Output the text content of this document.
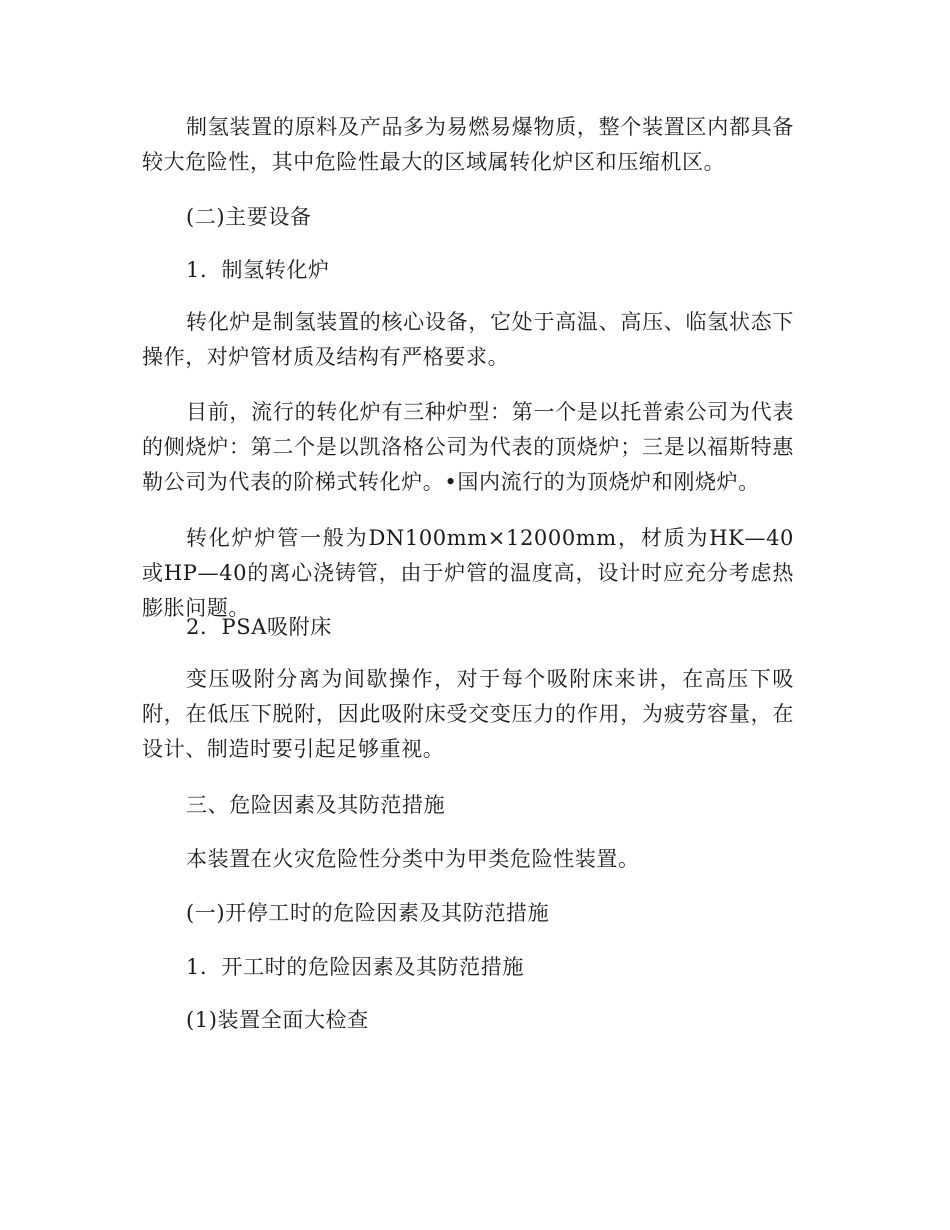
制氢装置的原料及产品多为易燃易爆物质，整个装置区内都具备较大危险性，其中危险性最大的区域属转化炉区和压缩机区。

(二)主要设备

1．制氢转化炉

转化炉是制氢装置的核心设备，它处于高温、高压、临氢状态下操作，对炉管材质及结构有严格要求。

目前，流行的转化炉有三种炉型：第一个是以托普索公司为代表的侧烧炉：第二个是以凯洛格公司为代表的顶烧炉；三是以福斯特惠勒公司为代表的阶梯式转化炉。•国内流行的为顶烧炉和刚烧炉。

转化炉炉管一般为DN100mm×12000mm，材质为HK—40或HP—40的离心浇铸管，由于炉管的温度高，设计时应充分考虑热膨胀问题。

2．PSA吸附床

变压吸附分离为间歇操作，对于每个吸附床来讲，在高压下吸附，在低压下脱附，因此吸附床受交变压力的作用，为疲劳容量，在设计、制造时要引起足够重视。

三、危险因素及其防范措施

本装置在火灾危险性分类中为甲类危险性装置。

(一)开停工时的危险因素及其防范措施

1．开工时的危险因素及其防范措施

(1)装置全面大检查
